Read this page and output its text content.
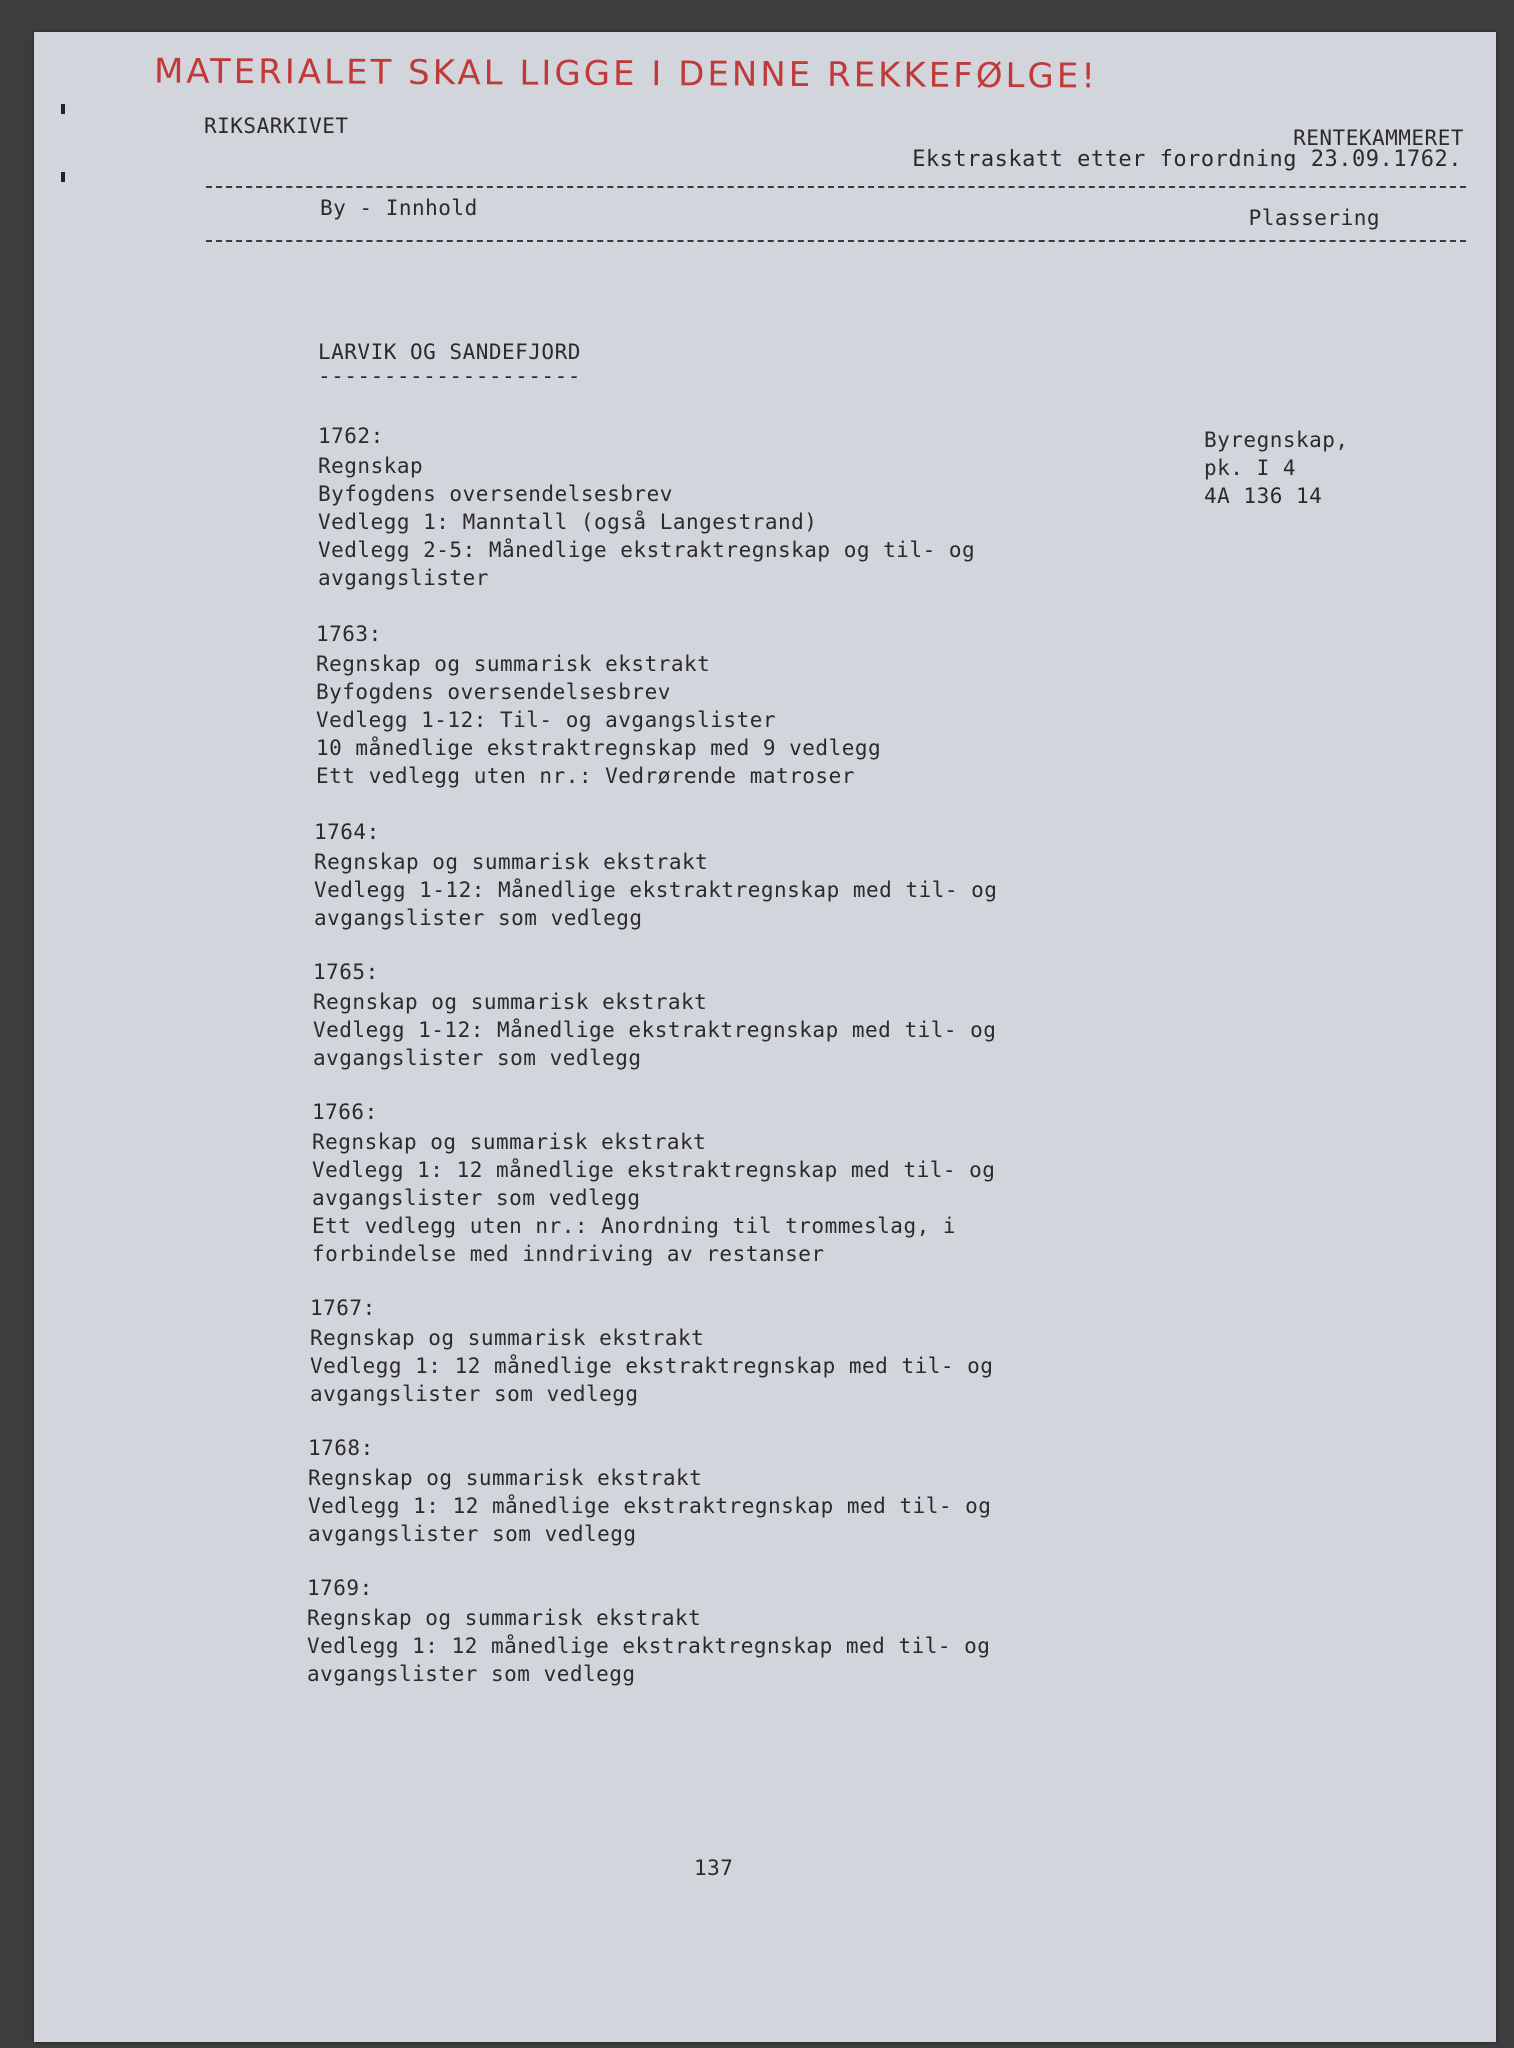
MATERIALET SKAL LIGGE I DENNE REKKEFØLGE!
RIKSARKIVET	RENTEKAMMERET
Ekstraskatt etter forordning 23.09.1762.
By - Innhold	Plassering
LARVIK OG SANDEFJORD
--------------------
Byregnskap,
pk. I 4
4A 136 14
1762:
Regnskap
Byfogdens oversendelsesbrev
Vedlegg 1: Manntall (også Langestrand)
Vedlegg 2-5: Månedlige ekstraktregnskap og til- og
avgangslister
1763:
Regnskap og summarisk ekstrakt
Byfogdens oversendelsesbrev
Vedlegg 1-12: Til- og avgangslister
10 månedlige ekstraktregnskap med 9 vedlegg
Ett vedlegg uten nr.: Vedrørende matroser
1764:
Regnskap og summarisk ekstrakt
Vedlegg 1-12: Månedlige ekstraktregnskap med til- og
avgangslister som vedlegg
1765:
Regnskap og summarisk ekstrakt
Vedlegg 1-12: Månedlige ekstraktregnskap med til- og
avgangslister som vedlegg
1766:
Regnskap og summarisk ekstrakt
Vedlegg 1: 12 månedlige ekstraktregnskap med til- og
avgangslister som vedlegg
Ett vedlegg uten nr.: Anordning til trommeslag, i
forbindelse med inndriving av restanser
1767:
Regnskap og summarisk ekstrakt
Vedlegg 1: 12 månedlige ekstraktregnskap med til- og
avgangslister som vedlegg
1768:
Regnskap og summarisk ekstrakt
Vedlegg 1: 12 månedlige ekstraktregnskap med til- og
avgangslister som vedlegg
1769:
Regnskap og summarisk ekstrakt
Vedlegg 1: 12 månedlige ekstraktregnskap med til- og
avgangslister som vedlegg
137
